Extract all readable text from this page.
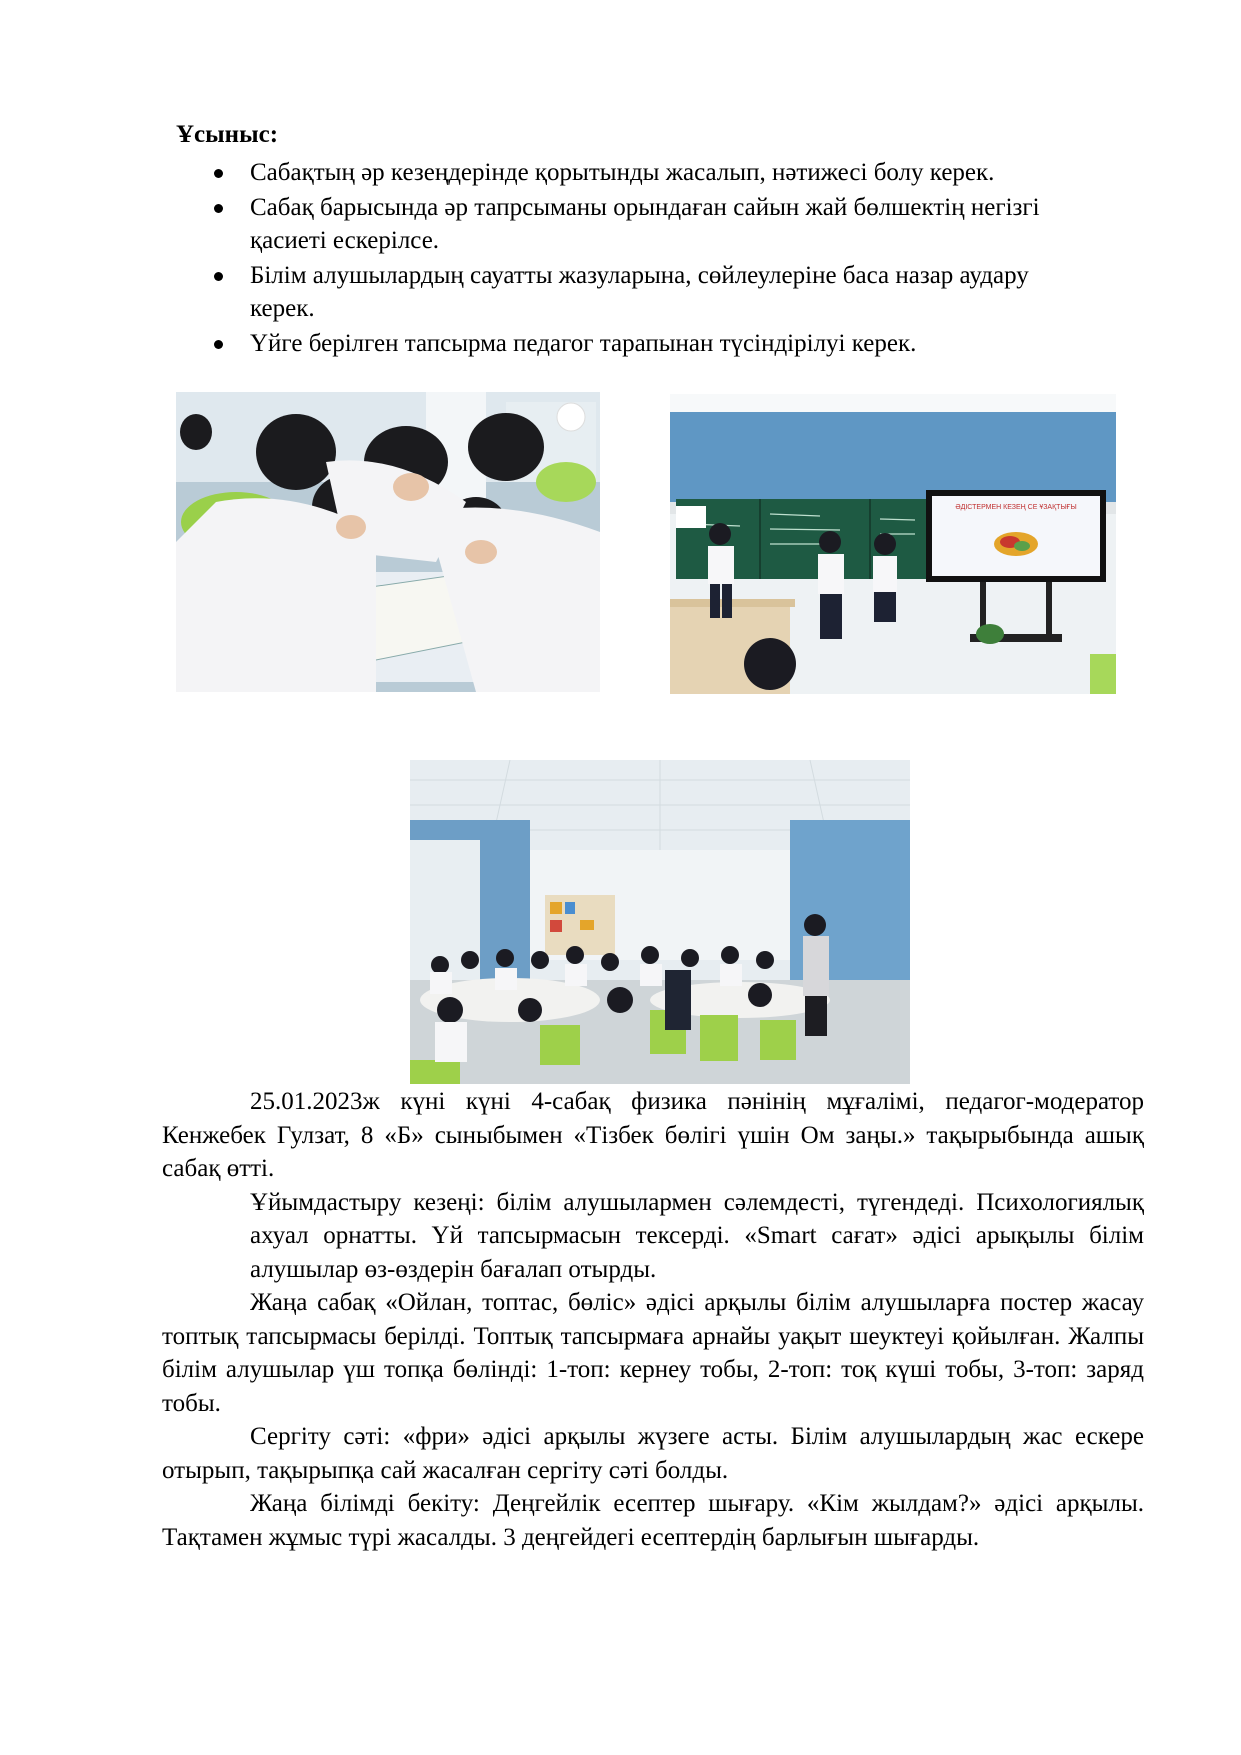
Ұсыныс:
Сабақтың әр кезеңдерінде қорытынды жасалып, нәтижесі болу керек.
Сабақ барысында әр тапрсыманы орындаған сайын жай бөлшектің негізгі қасиеті ескерілсе.
Білім алушылардың сауатты жазуларына, сөйлеулеріне баса назар аудару керек.
Үйге берілген тапсырма педагог тарапынан түсіндірілуі керек.
ӘДІСТЕРМЕН КЕЗЕҢ СЕ ҰЗАҚТЫҒЫ

25.01.2023ж күні күні 4-сабақ физика пәнінің мұғалімі, педагог-модератор Кенжебек Гулзат, 8 «Б» сыныбымен «Тізбек бөлігі үшін Ом заңы.» тақырыбында ашық сабақ өтті.

Ұйымдастыру кезеңі: білім алушылармен сәлемдесті, түгендеді. Психологиялық ахуал орнатты. Үй тапсырмасын тексерді. «Smart сағат» әдісі арықылы білім алушылар өз-өздерін бағалап отырды.

Жаңа сабақ «Ойлан, топтас, бөліс» әдісі арқылы білім алушыларға постер жасау топтық тапсырмасы берілді. Топтық тапсырмаға арнайы уақыт шеуктеуі қойылған. Жалпы білім алушылар үш топқа бөлінді: 1-топ: кернеу тобы, 2-топ: тоқ күші тобы, 3-топ: заряд тобы.

Сергіту сәті: «фри» әдісі арқылы жүзеге асты. Білім алушылардың жас ескере отырып, тақырыпқа сай жасалған сергіту сәті болды.

Жаңа білімді бекіту: Деңгейлік есептер шығару. «Кім жылдам?» әдісі арқылы. Тақтамен жұмыс түрі жасалды. 3 деңгейдегі есептердің барлығын шығарды.
